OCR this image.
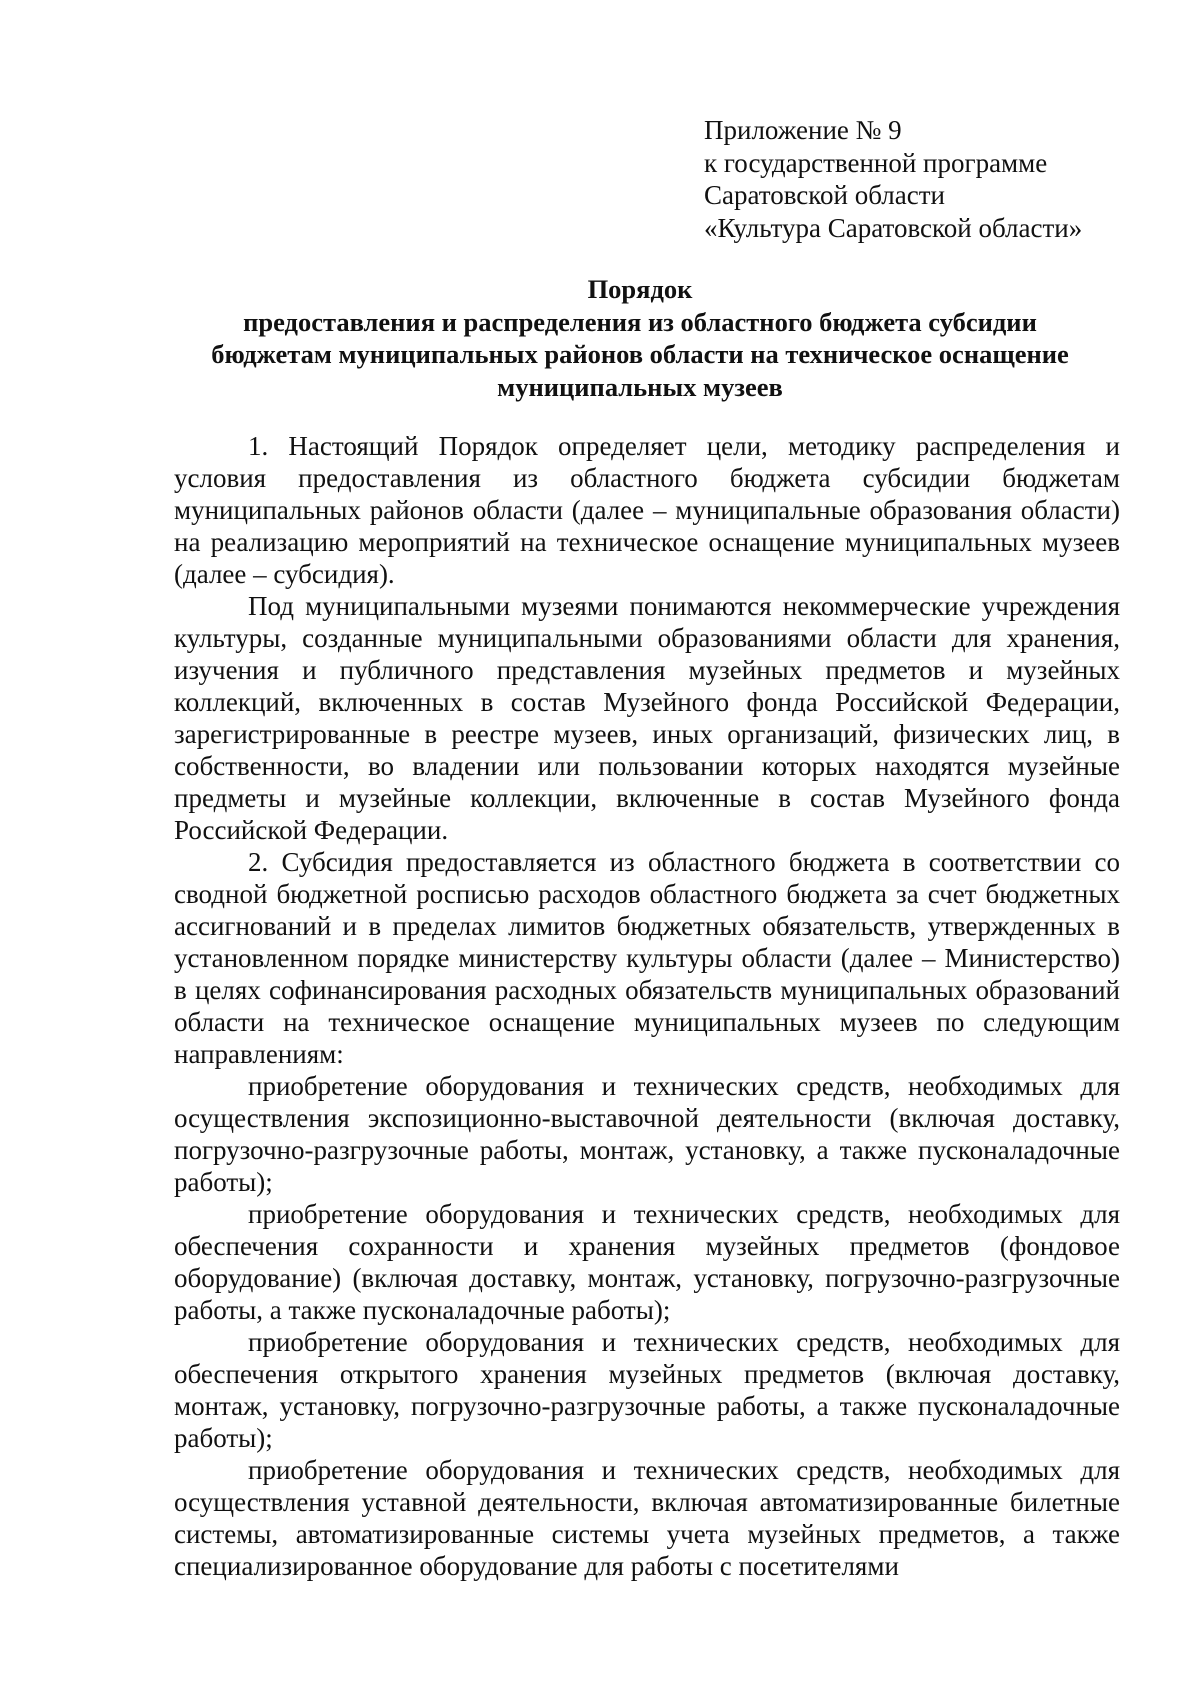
Приложение № 9
к государственной программе
Саратовской области
«Культура Саратовской области»
Порядок
предоставления и распределения из областного бюджета субсидии
бюджетам муниципальных районов области на техническое оснащение
муниципальных музеев

1. Настоящий Порядок определяет цели, методику распределения и условия предоставления из областного бюджета субсидии бюджетам муниципальных районов области (далее – муниципальные образования области) на реализацию мероприятий на техническое оснащение муниципальных музеев (далее – субсидия).

Под муниципальными музеями понимаются некоммерческие учреждения культуры, созданные муниципальными образованиями области для хранения, изучения и публичного представления музейных предметов и музейных коллекций, включенных в состав Музейного фонда Российской Федерации, зарегистрированные в реестре музеев, иных организаций, физических лиц, в собственности, во владении или пользовании которых находятся музейные предметы и музейные коллекции, включенные в состав Музейного фонда Российской Федерации.

2. Субсидия предоставляется из областного бюджета в соответствии со сводной бюджетной росписью расходов областного бюджета за счет бюджетных ассигнований и в пределах лимитов бюджетных обязательств, утвержденных в установленном порядке министерству культуры области (далее – Министерство) в целях софинансирования расходных обязательств муниципальных образований области на техническое оснащение муниципальных музеев по следующим направлениям:

приобретение оборудования и технических средств, необходимых для осуществления экспозиционно-выставочной деятельности (включая доставку, погрузочно-разгрузочные работы, монтаж, установку, а также пусконаладочные работы);

приобретение оборудования и технических средств, необходимых для обеспечения сохранности и хранения музейных предметов (фондовое оборудование) (включая доставку, монтаж, установку, погрузочно-разгрузочные работы, а также пусконаладочные работы);

приобретение оборудования и технических средств, необходимых для обеспечения открытого хранения музейных предметов (включая доставку, монтаж, установку, погрузочно-разгрузочные работы, а также пусконаладочные работы);

приобретение оборудования и технических средств, необходимых для осуществления уставной деятельности, включая автоматизированные билетные системы, автоматизированные системы учета музейных предметов, а также специализированное оборудование для работы с посетителями
